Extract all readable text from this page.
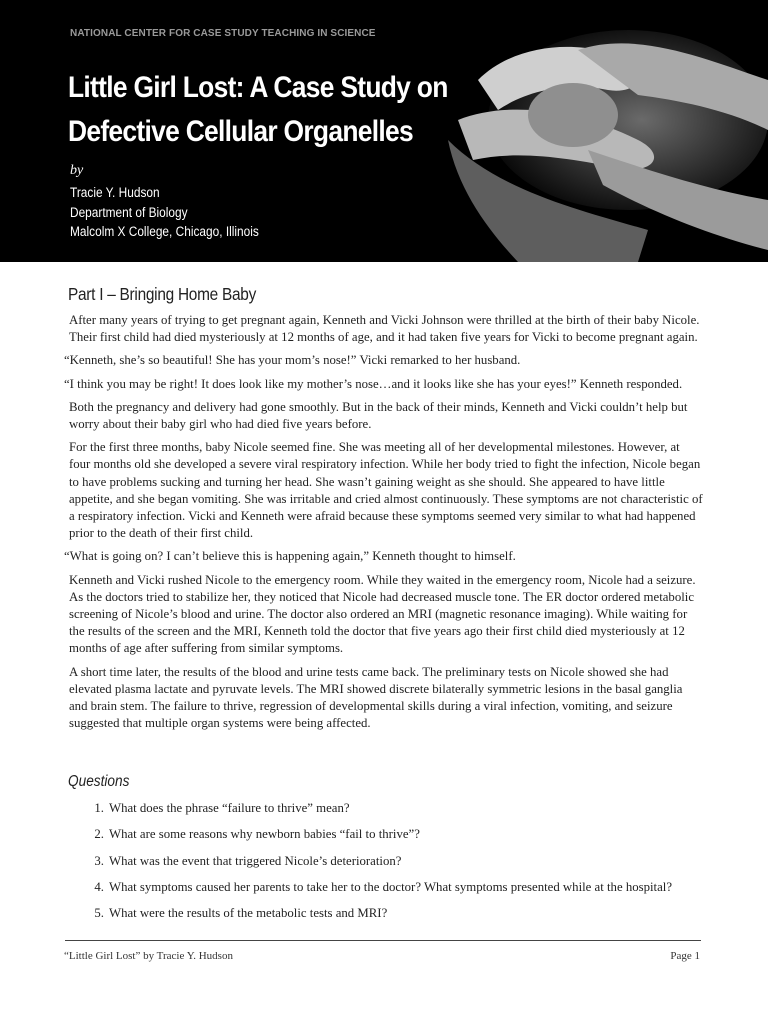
NATIONAL CENTER FOR CASE STUDY TEACHING IN SCIENCE
Little Girl Lost: A Case Study on
Defective Cellular Organelles
by
Tracie Y. Hudson
Department of Biology
Malcolm X College, Chicago, Illinois
Part I – Bringing Home Baby

After many years of trying to get pregnant again, Kenneth and Vicki Johnson were thrilled at the birth of their baby Nicole. Their first child had died mysteriously at 12 months of age, and it had taken five years for Vicki to become pregnant again.

“Kenneth, she’s so beautiful! She has your mom’s nose!” Vicki remarked to her husband.

“I think you may be right! It does look like my mother’s nose…and it looks like she has your eyes!” Kenneth responded.

Both the pregnancy and delivery had gone smoothly. But in the back of their minds, Kenneth and Vicki couldn’t help but worry about their baby girl who had died five years before.

For the first three months, baby Nicole seemed fine. She was meeting all of her developmental milestones. However, at four months old she developed a severe viral respiratory infection. While her body tried to fight the infection, Nicole began to have problems sucking and turning her head. She wasn’t gaining weight as she should. She appeared to have little appetite, and she began vomiting. She was irritable and cried almost continuously. These symptoms are not characteristic of a respiratory infection. Vicki and Kenneth were afraid because these symptoms seemed very similar to what had happened prior to the death of their first child.

“What is going on? I can’t believe this is happening again,” Kenneth thought to himself.

Kenneth and Vicki rushed Nicole to the emergency room. While they waited in the emergency room, Nicole had a seizure. As the doctors tried to stabilize her, they noticed that Nicole had decreased muscle tone. The ER doctor ordered metabolic screening of Nicole’s blood and urine. The doctor also ordered an MRI (magnetic resonance imaging). While waiting for the results of the screen and the MRI, Kenneth told the doctor that five years ago their first child died mysteriously at 12 months of age after suffering from similar symptoms.

A short time later, the results of the blood and urine tests came back. The preliminary tests on Nicole showed she had elevated plasma lactate and pyruvate levels. The MRI showed discrete bilaterally symmetric lesions in the basal ganglia and brain stem. The failure to thrive, regression of developmental skills during a viral infection, vomiting, and seizure suggested that multiple organ systems were being affected.

Questions
1. What does the phrase “failure to thrive” mean?
2. What are some reasons why newborn babies “fail to thrive”?
3. What was the event that triggered Nicole’s deterioration?
4. What symptoms caused her parents to take her to the doctor? What symptoms presented while at the hospital?
5. What were the results of the metabolic tests and MRI?
“Little Girl Lost” by Tracie Y. Hudson	Page 1
